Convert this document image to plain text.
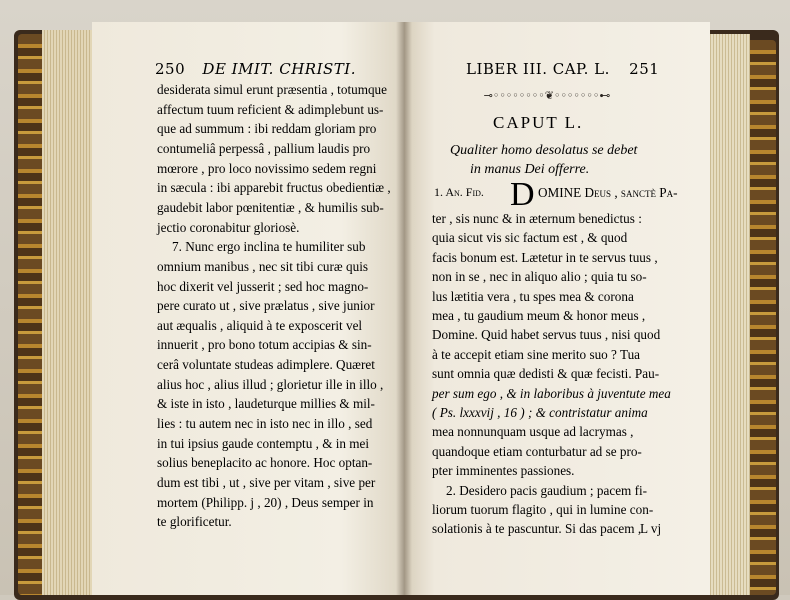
250 DE IMIT. CHRISTI.	LIBER III. CAP. L. 251
desiderata simul erunt præsentia , totumque
affectum tuum reficient & adimplebunt us-
que ad summum : ibi reddam gloriam pro
contumeliâ perpessâ , pallium laudis pro
mœrore , pro loco novissimo sedem regni
in sæcula : ibi apparebit fructus obedientiæ ,
gaudebit labor pœnitentiæ , & humilis sub-
jectio coronabitur gloriosè.
7. Nunc ergo inclina te humiliter sub
omnium manibus , nec sit tibi curæ quis
hoc dixerit vel jusserit ; sed hoc magno-
pere curato ut , sive prælatus , sive junior
aut æqualis , aliquid à te exposcerit vel
innuerit , pro bono totum accipias & sin-
cerâ voluntate studeas adimplere. Quæret
alius hoc , alius illud ; glorietur ille in illo ,
& iste in isto , laudeturque millies & mil-
lies : tu autem nec in isto nec in illo , sed
in tui ipsius gaude contemptu , & in mei
solius beneplacito ac honore. Hoc optan-
dum est tibi , ut , sive per vitam , sive per
mortem (Philipp. j , 20) , Deus semper in
te glorificetur.
⊸◦◦◦◦◦◦◦◦❦◦◦◦◦◦◦◦⊷
CAPUT L.
Qualiter homo desolatus se debet
in manus Dei offerre.
1. An. Fid. D OMINE Deus , sanctè Pa-
ter , sis nunc & in æternum benedictus :
quia sicut vis sic factum est , & quod
facis bonum est. Lætetur in te servus tuus ,
non in se , nec in aliquo alio ; quia tu so-
lus lætitia vera , tu spes mea & corona
mea , tu gaudium meum & honor meus ,
Domine. Quid habet servus tuus , nisi quod
à te accepit etiam sine merito suo ? Tua
sunt omnia quæ dedisti & quæ fecisti. Pau-
per sum ego , & in laboribus à juventute mea
( Ps. lxxxvij , 16 ) ; & contristatur anima
mea nonnunquam usque ad lacrymas ,
quandoque etiam conturbatur ad se pro-
pter imminentes passiones.
2. Desidero pacis gaudium ; pacem fi-
liorum tuorum flagito , qui in lumine con-
solationis à te pascuntur. Si das pacem ,
L vj
